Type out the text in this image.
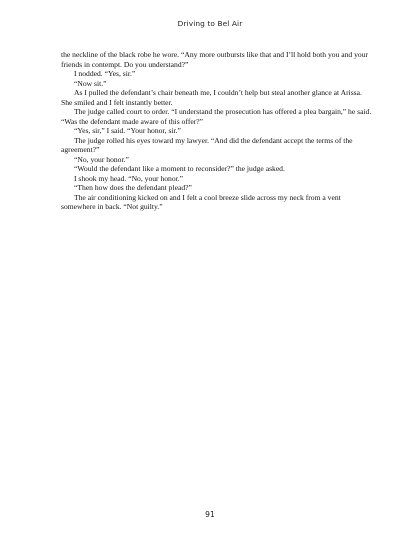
Driving to Bel Air

the neckline of the black robe he wore. “Any more outbursts like that and I’ll hold both you and your friends in contempt. Do you understand?”

I nodded. “Yes, sir.”

“Now sit.”

As I pulled the defendant’s chair beneath me, I couldn’t help but steal another glance at Arissa. She smiled and I felt instantly better.

The judge called court to order. “I understand the prosecution has offered a plea bargain,” he said. “Was the defendant made aware of this offer?”

“Yes, sir,” I said. “Your honor, sir.”

The judge rolled his eyes toward my lawyer. “And did the defendant accept the terms of the agreement?”

“No, your honor.”

“Would the defendant like a moment to reconsider?” the judge asked.

I shook my head. “No, your honor.”

“Then how does the defendant plead?”

The air conditioning kicked on and I felt a cool breeze slide across my neck from a vent somewhere in back. “Not guilty.”

91
